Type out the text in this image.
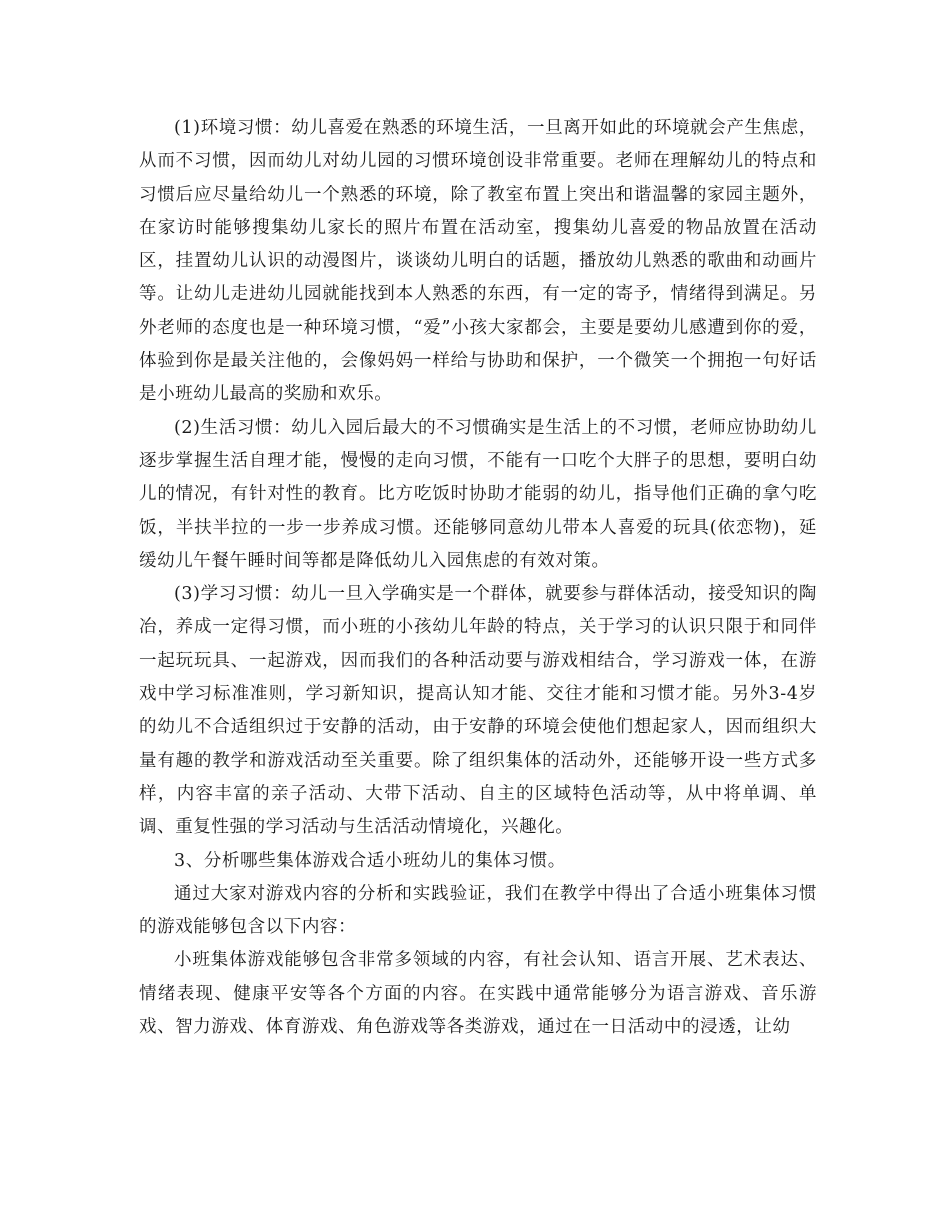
(1)环境习惯：幼儿喜爱在熟悉的环境生活，一旦离开如此的环境就会产生焦虑，从而不习惯，因而幼儿对幼儿园的习惯环境创设非常重要。老师在理解幼儿的特点和习惯后应尽量给幼儿一个熟悉的环境，除了教室布置上突出和谐温馨的家园主题外，在家访时能够搜集幼儿家长的照片布置在活动室，搜集幼儿喜爱的物品放置在活动区，挂置幼儿认识的动漫图片，谈谈幼儿明白的话题，播放幼儿熟悉的歌曲和动画片等。让幼儿走进幼儿园就能找到本人熟悉的东西，有一定的寄予，情绪得到满足。另外老师的态度也是一种环境习惯，“爱”小孩大家都会，主要是要幼儿感遭到你的爱，体验到你是最关注他的，会像妈妈一样给与协助和保护，一个微笑一个拥抱一句好话是小班幼儿最高的奖励和欢乐。

(2)生活习惯：幼儿入园后最大的不习惯确实是生活上的不习惯，老师应协助幼儿逐步掌握生活自理才能，慢慢的走向习惯，不能有一口吃个大胖子的思想，要明白幼儿的情况，有针对性的教育。比方吃饭时协助才能弱的幼儿，指导他们正确的拿勺吃饭，半扶半拉的一步一步养成习惯。还能够同意幼儿带本人喜爱的玩具(依恋物)，延缓幼儿午餐午睡时间等都是降低幼儿入园焦虑的有效对策。

(3)学习习惯：幼儿一旦入学确实是一个群体，就要参与群体活动，接受知识的陶冶，养成一定得习惯，而小班的小孩幼儿年龄的特点，关于学习的认识只限于和同伴一起玩玩具、一起游戏，因而我们的各种活动要与游戏相结合，学习游戏一体，在游戏中学习标准准则，学习新知识，提高认知才能、交往才能和习惯才能。另外3-4岁的幼儿不合适组织过于安静的活动，由于安静的环境会使他们想起家人，因而组织大量有趣的教学和游戏活动至关重要。除了组织集体的活动外，还能够开设一些方式多样，内容丰富的亲子活动、大带下活动、自主的区域特色活动等，从中将单调、单调、重复性强的学习活动与生活活动情境化，兴趣化。

3、分析哪些集体游戏合适小班幼儿的集体习惯。

通过大家对游戏内容的分析和实践验证，我们在教学中得出了合适小班集体习惯的游戏能够包含以下内容：

小班集体游戏能够包含非常多领域的内容，有社会认知、语言开展、艺术表达、情绪表现、健康平安等各个方面的内容。在实践中通常能够分为语言游戏、音乐游戏、智力游戏、体育游戏、角色游戏等各类游戏，通过在一日活动中的浸透，让幼
